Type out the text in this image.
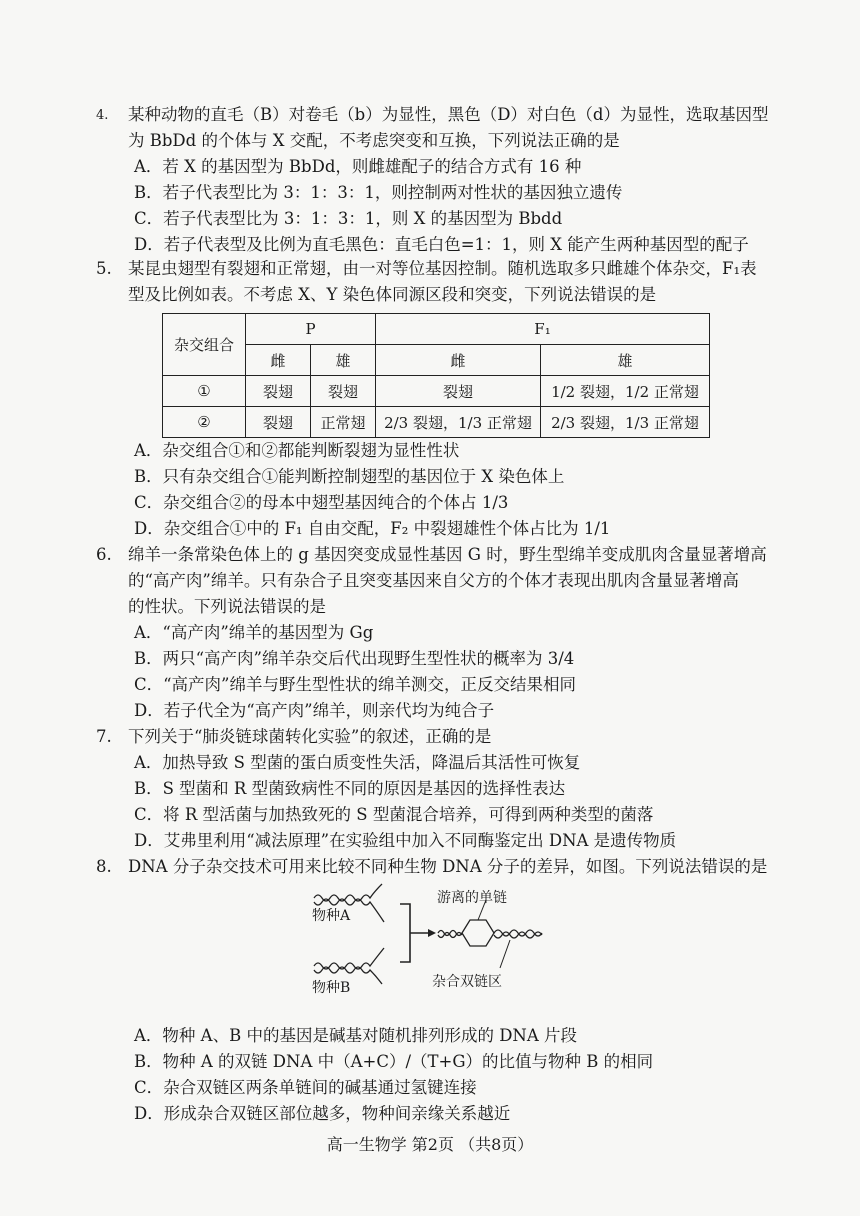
4. 某种动物的直毛（B）对卷毛（b）为显性，黑色（D）对白色（d）为显性，选取基因型
为 BbDd 的个体与 X 交配，不考虑突变和互换，下列说法正确的是
A．若 X 的基因型为 BbDd，则雌雄配子的结合方式有 16 种
B．若子代表型比为 3：1：3：1，则控制两对性状的基因独立遗传
C．若子代表型比为 3：1：3：1，则 X 的基因型为 Bbdd
D．若子代表型及比例为直毛黑色：直毛白色=1：1，则 X 能产生两种基因型的配子
5. 某昆虫翅型有裂翅和正常翅，由一对等位基因控制。随机选取多只雌雄个体杂交，F₁表
型及比例如表。不考虑 X、Y 染色体同源区段和突变，下列说法错误的是
杂交组合	P		F₁	
	雌	雄	雌	雄
①	裂翅	裂翅	裂翅	1/2 裂翅，1/2 正常翅
②	裂翅	正常翅	2/3 裂翅，1/3 正常翅	2/3 裂翅，1/3 正常翅
A．杂交组合①和②都能判断裂翅为显性性状
B．只有杂交组合①能判断控制翅型的基因位于 X 染色体上
C．杂交组合②的母本中翅型基因纯合的个体占 1/3
D．杂交组合①中的 F₁ 自由交配，F₂ 中裂翅雄性个体占比为 1/1
6. 绵羊一条常染色体上的 g 基因突变成显性基因 G 时，野生型绵羊变成肌肉含量显著增高
的“高产肉”绵羊。只有杂合子且突变基因来自父方的个体才表现出肌肉含量显著增高
的性状。下列说法错误的是
A．“高产肉”绵羊的基因型为 Gg
B．两只“高产肉”绵羊杂交后代出现野生型性状的概率为 3/4
C．“高产肉”绵羊与野生型性状的绵羊测交，正反交结果相同
D．若子代全为“高产肉”绵羊，则亲代均为纯合子
7. 下列关于“肺炎链球菌转化实验”的叙述，正确的是
A．加热导致 S 型菌的蛋白质变性失活，降温后其活性可恢复
B．S 型菌和 R 型菌致病性不同的原因是基因的选择性表达
C．将 R 型活菌与加热致死的 S 型菌混合培养，可得到两种类型的菌落
D．艾弗里利用“减法原理”在实验组中加入不同酶鉴定出 DNA 是遗传物质
8. DNA 分子杂交技术可用来比较不同种生物 DNA 分子的差异，如图。下列说法错误的是
物种A
物种B
游离的单链
杂合双链区
A．物种 A、B 中的基因是碱基对随机排列形成的 DNA 片段
B．物种 A 的双链 DNA 中（A+C）/（T+G）的比值与物种 B 的相同
C．杂合双链区两条单链间的碱基通过氢键连接
D．形成杂合双链区部位越多，物种间亲缘关系越近
高一生物学 第2页 （共8页）
